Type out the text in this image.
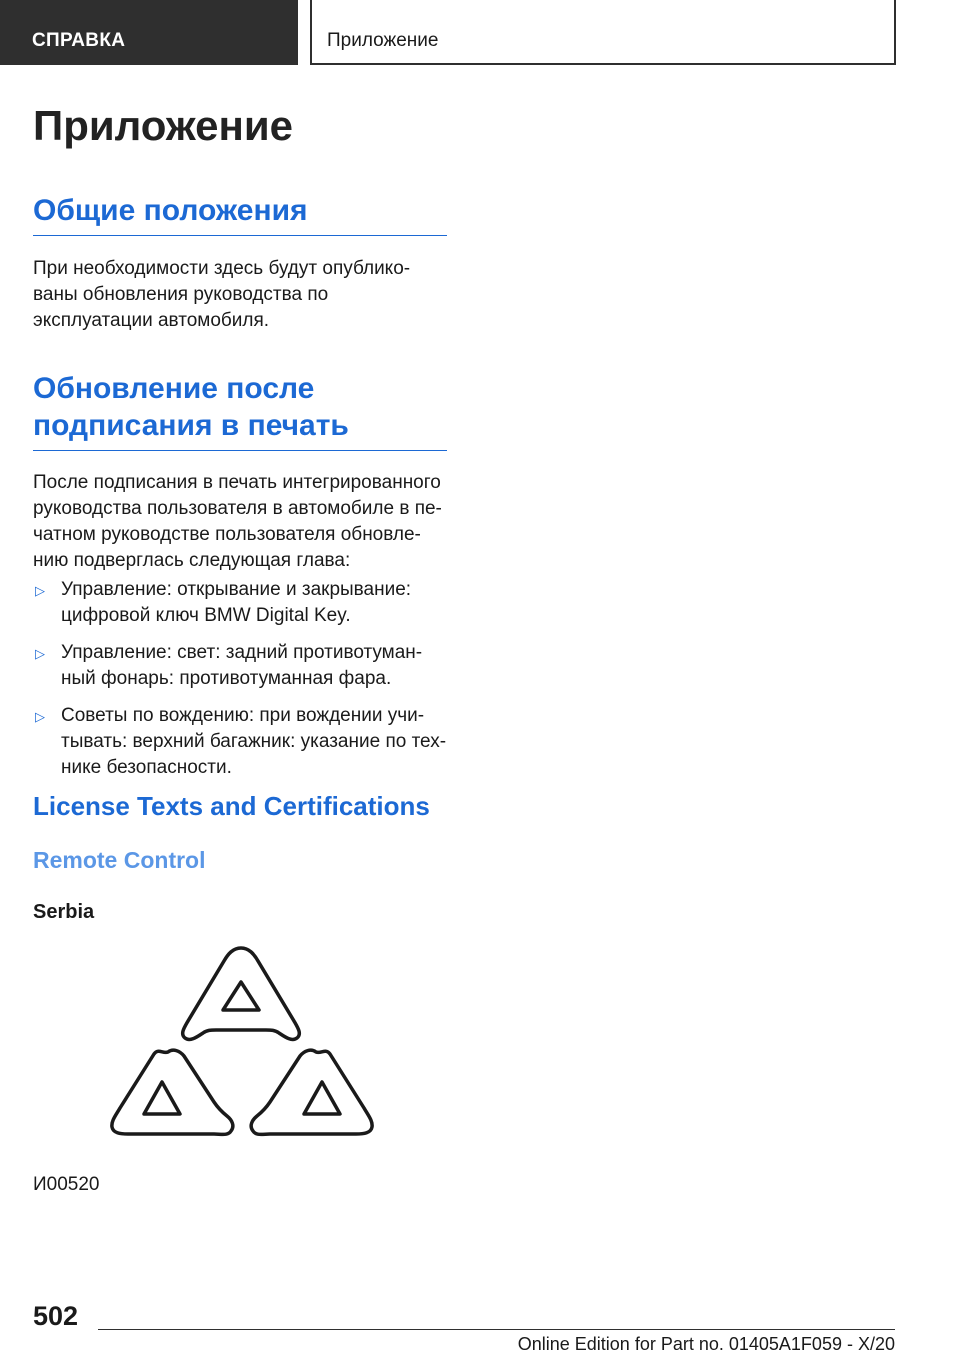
СПРАВКА	Приложение
Приложение
Общие положения

При необходимости здесь будут опублико-
ваны обновления руководства по
эксплуатации автомобиля.

Обновление после
подписания в печать

После подписания в печать интегрированного
руководства пользователя в автомобиле в пе-
чатном руководстве пользователя обновле-
нию подверглась следующая глава:

▷ Управление: открывание и закрывание:
цифровой ключ BMW Digital Key.
▷ Управление: свет: задний противотуман-
ный фонарь: противотуманная фара.
▷ Советы по вождению: при вождении учи-
тывать: верхний багажник: указание по тех-
нике безопасности.
License Texts and Certifications
Remote Control
Serbia
И00520
502
Online Edition for Part no. 01405A1F059 - X/20
